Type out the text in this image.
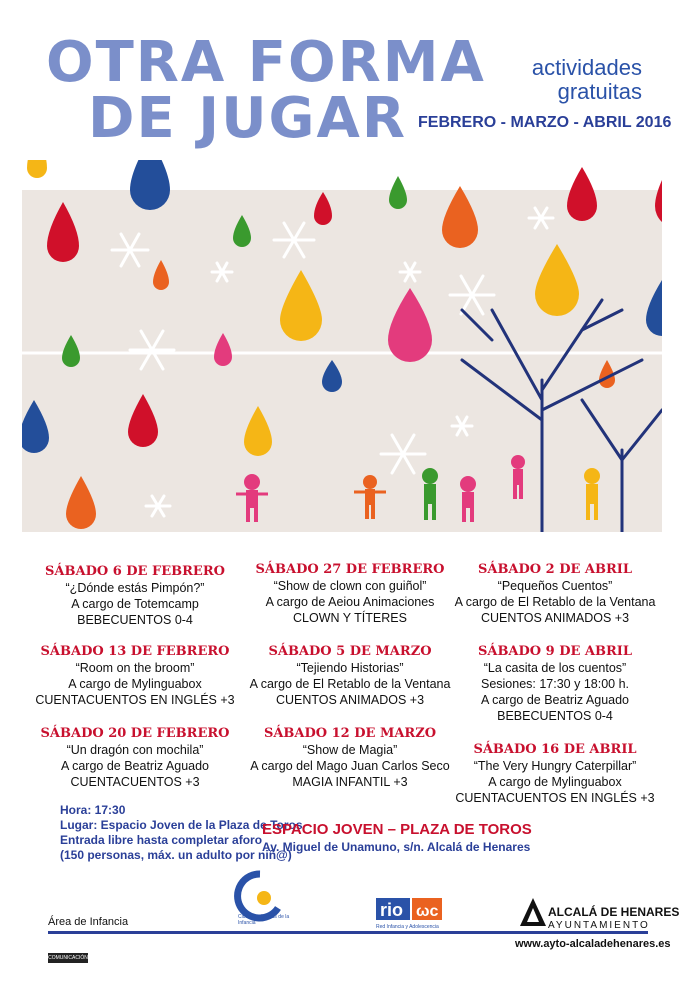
OTRA FORMA
DE JUGAR
actividades
gratuitas
FEBRERO - MARZO - ABRIL 2016
SÁBADO 6 DE FEBRERO
“¿Dónde estás Pimpón?”
A cargo de Totemcamp
BEBECUENTOS 0-4
SÁBADO 13 DE FEBRERO
“Room on the broom”
A cargo de Mylinguabox
CUENTACUENTOS EN INGLÉS +3
SÁBADO 20 DE FEBRERO
“Un dragón con mochila”
A cargo de Beatriz Aguado
CUENTACUENTOS +3
SÁBADO 27 DE FEBRERO
“Show de clown con guiñol”
A cargo de Aeiou Animaciones
CLOWN Y TÍTERES
SÁBADO 5 DE MARZO
“Tejiendo Historias”
A cargo de El Retablo de la Ventana
CUENTOS ANIMADOS +3
SÁBADO 12 DE MARZO
“Show de Magia”
A cargo del Mago Juan Carlos Seco
MAGIA INFANTIL +3
SÁBADO 2 DE ABRIL
“Pequeños Cuentos”
A cargo de El Retablo de la Ventana
CUENTOS ANIMADOS +3
SÁBADO 9 DE ABRIL
“La casita de los cuentos”
Sesiones: 17:30 y 18:00 h.
A cargo de Beatriz Aguado
BEBECUENTOS 0-4
SÁBADO 16 DE ABRIL
“The Very Hungry Caterpillar”
A cargo de Mylinguabox
CUENTACUENTOS EN INGLÉS +3
Hora: 17:30
Lugar: Espacio Joven de la Plaza de Toros
Entrada libre hasta completar aforo
(150 personas, máx. un adulto por niñ@)
ESPACIO JOVEN – PLAZA DE TOROS
Av. Miguel de Unamuno, s/n. Alcalá de Henares
Área de Infancia
COMUNICACIÓN
Ciudades Amigas de la Infancia
rio ωc
Red Infancia y Adolescencia
ALCALÁ DE HENARES
AYUNTAMIENTO
www.ayto-alcaladehenares.es
